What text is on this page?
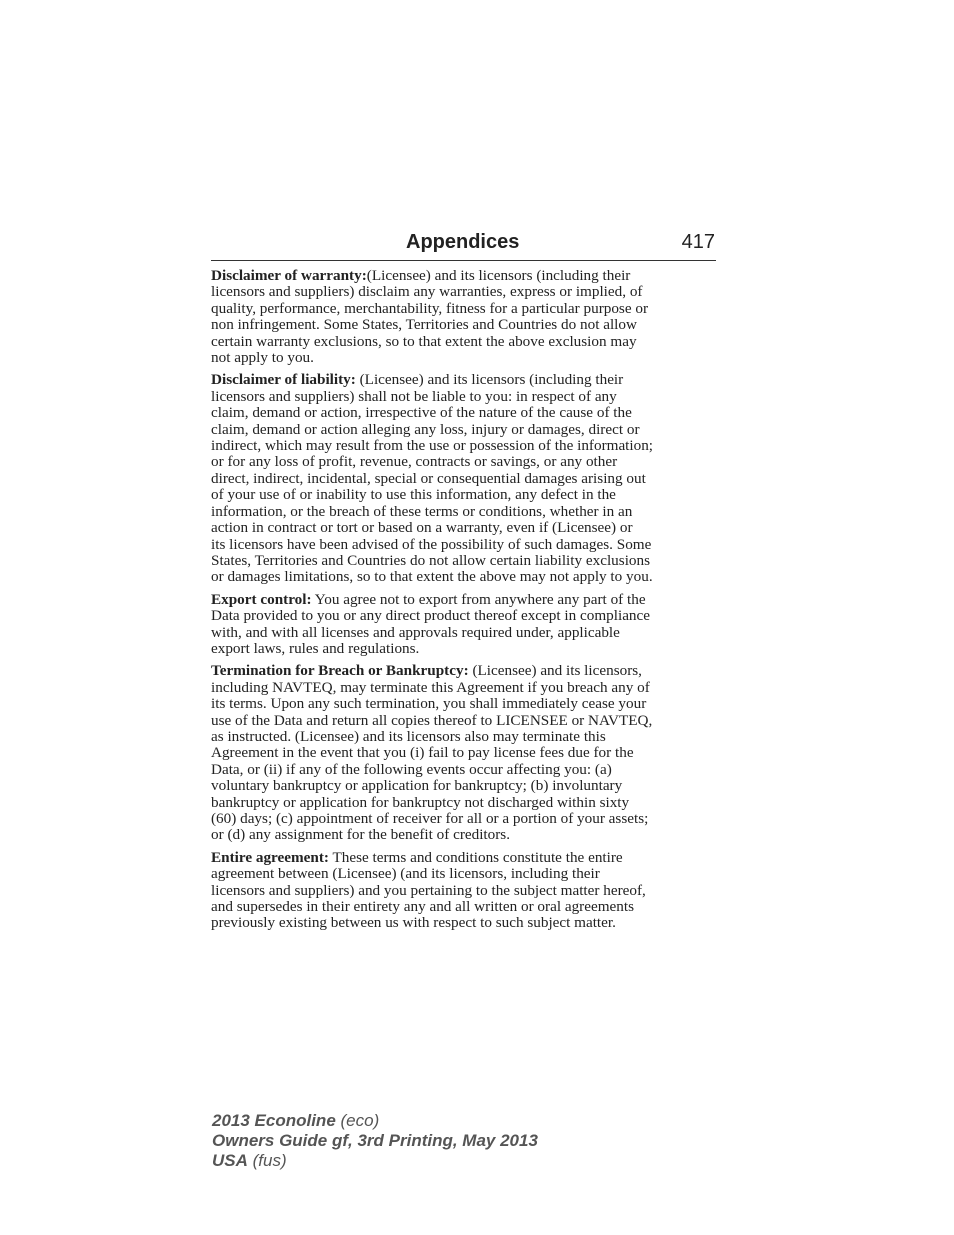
Appendices	417
Disclaimer of warranty:(Licensee) and its licensors (including their
licensors and suppliers) disclaim any warranties, express or implied, of
quality, performance, merchantability, fitness for a particular purpose or
non infringement. Some States, Territories and Countries do not allow
certain warranty exclusions, so to that extent the above exclusion may
not apply to you.
Disclaimer of liability: (Licensee) and its licensors (including their
licensors and suppliers) shall not be liable to you: in respect of any
claim, demand or action, irrespective of the nature of the cause of the
claim, demand or action alleging any loss, injury or damages, direct or
indirect, which may result from the use or possession of the information;
or for any loss of profit, revenue, contracts or savings, or any other
direct, indirect, incidental, special or consequential damages arising out
of your use of or inability to use this information, any defect in the
information, or the breach of these terms or conditions, whether in an
action in contract or tort or based on a warranty, even if (Licensee) or
its licensors have been advised of the possibility of such damages. Some
States, Territories and Countries do not allow certain liability exclusions
or damages limitations, so to that extent the above may not apply to you.
Export control: You agree not to export from anywhere any part of the
Data provided to you or any direct product thereof except in compliance
with, and with all licenses and approvals required under, applicable
export laws, rules and regulations.
Termination for Breach or Bankruptcy: (Licensee) and its licensors,
including NAVTEQ, may terminate this Agreement if you breach any of
its terms. Upon any such termination, you shall immediately cease your
use of the Data and return all copies thereof to LICENSEE or NAVTEQ,
as instructed. (Licensee) and its licensors also may terminate this
Agreement in the event that you (i) fail to pay license fees due for the
Data, or (ii) if any of the following events occur affecting you: (a)
voluntary bankruptcy or application for bankruptcy; (b) involuntary
bankruptcy or application for bankruptcy not discharged within sixty
(60) days; (c) appointment of receiver for all or a portion of your assets;
or (d) any assignment for the benefit of creditors.
Entire agreement: These terms and conditions constitute the entire
agreement between (Licensee) (and its licensors, including their
licensors and suppliers) and you pertaining to the subject matter hereof,
and supersedes in their entirety any and all written or oral agreements
previously existing between us with respect to such subject matter.
2013 Econoline (eco)
Owners Guide gf, 3rd Printing, May 2013
USA (fus)
